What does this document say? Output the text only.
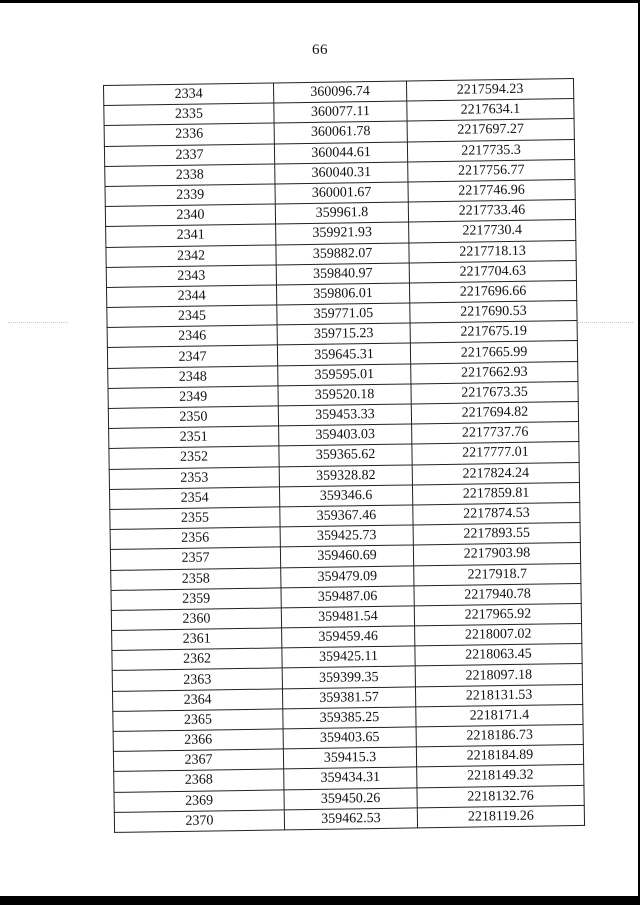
66
2334	360096.74	2217594.23
2335	360077.11	2217634.1
2336	360061.78	2217697.27
2337	360044.61	2217735.3
2338	360040.31	2217756.77
2339	360001.67	2217746.96
2340	359961.8	2217733.46
2341	359921.93	2217730.4
2342	359882.07	2217718.13
2343	359840.97	2217704.63
2344	359806.01	2217696.66
2345	359771.05	2217690.53
2346	359715.23	2217675.19
2347	359645.31	2217665.99
2348	359595.01	2217662.93
2349	359520.18	2217673.35
2350	359453.33	2217694.82
2351	359403.03	2217737.76
2352	359365.62	2217777.01
2353	359328.82	2217824.24
2354	359346.6	2217859.81
2355	359367.46	2217874.53
2356	359425.73	2217893.55
2357	359460.69	2217903.98
2358	359479.09	2217918.7
2359	359487.06	2217940.78
2360	359481.54	2217965.92
2361	359459.46	2218007.02
2362	359425.11	2218063.45
2363	359399.35	2218097.18
2364	359381.57	2218131.53
2365	359385.25	2218171.4
2366	359403.65	2218186.73
2367	359415.3	2218184.89
2368	359434.31	2218149.32
2369	359450.26	2218132.76
2370	359462.53	2218119.26
